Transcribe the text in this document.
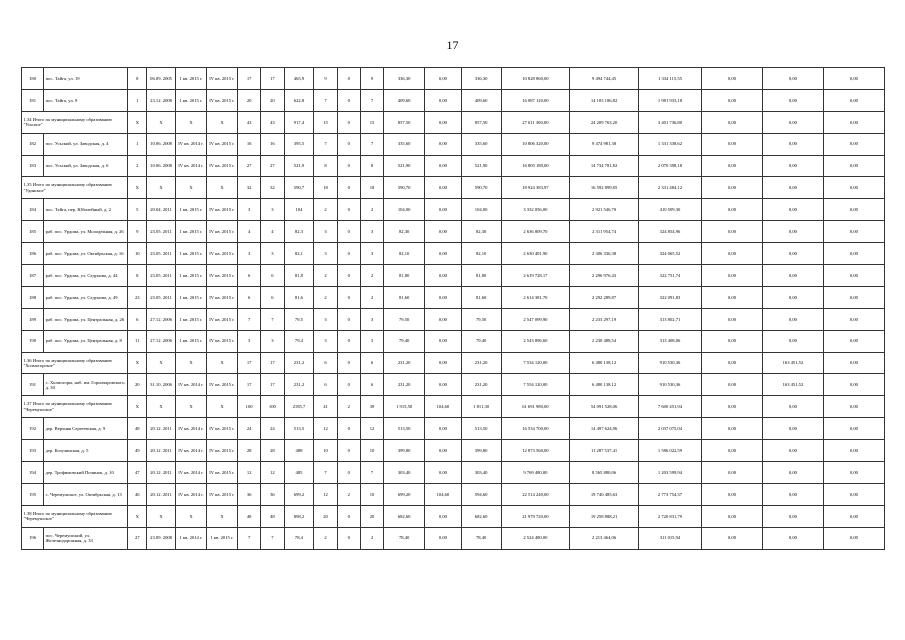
17
180	пос. Тайга, ул. 19	8	06.09. 2005	1 кв. 2015 г.	IV кв. 2015 г.	17	17	465,9	9	0	9	336,30	0,00	336,30	10 828 860,00	9 494 744,45	1 334 115,55	0,00	0,00	0,00
181	пос. Тайга, ул. 9	1	23.12. 2008	1 кв. 2015 г.	IV кв. 2015 г.	20	20	622,8	7	0	7	409,60	0,00	409,60	16 087 120,00	14 105 186,82	1 981 933,18	0,00	0,00	0,00
1.34 Итого по муниципальному образованию "Усьское"		X	X	X	X	43	43	917,4	15	0	15	857,50	0,00	857,50	27 611 300,00	24 209 763,20	3 401 736,80	0,00	0,00	0,00
182	пос. Усьский, ул. Заводская, д. 4	1	10.06. 2008	IV кв. 2014 г.	IV кв. 2015 г.	16	16	395,5	7	0	7	335,60	0,00	335,60	10 806 320,00	9 474 981,38	1 331 338,62	0,00	0,00	0,00
183	пос. Усьский, ул. Заводская, д. 6	2	10.06. 2008	IV кв. 2014 г.	IV кв. 2015 г.	27	27	521,9	8	0	8	521,90	0,00	521,90	16 805 180,00	14 734 781,82	2 070 398,18	0,00	0,00	0,00
1.35 Итого по муниципальному образованию "Удинское"		X	X	X	X	32	32	590,7	18	0	18	590,70	0,00	590,70	18 924 383,97	16 592 899,85	2 331 484,12	0,00	0,00	0,00
184	пос. Тайга, пер. Юбилейный, д. 2	5	20.04. 2011	1 кв. 2015 г.	IV кв. 2015 г.	3	3	104	2	0	2	104,00	0,00	104,00	3 332 056,00	2 921 546,70	410 509,30	0,00	0,00	0,00
185	раб. пос. Урдома, ул. Молодёжная, д. 26	9	23.05. 2011	1 кв. 2015 г.	IV кв. 2015 г.	4	4	82,3	3	0	3	82,30	0,00	82,30	2 636 809,70	2 311 954,74	324 854,96	0,00	0,00	0,00
186	раб. пос. Урдома, ул. Октябрьская, д. 16	10	23.05. 2011	1 кв. 2015 г.	IV кв. 2015 г.	3	3	82,1	3	0	3	82,10	0,00	82,10	2 630 401,90	2 306 336,38	324 065,52	0,00	0,00	0,00
187	раб. пос. Урдома, ул. Седунова, д. 44	8	23.05. 2011	1 кв. 2015 г.	IV кв. 2015 г.	6	6	81,8	2	0	2	81,80	0,00	81,80	2 619 728,17	2 296 976,43	322 751,74	0,00	0,00	0,00
188	раб. пос. Урдома, ул. Седунова, д. 49	23	23.05. 2011	1 кв. 2015 г.	IV кв. 2015 г.	6	6	81,6	2	0	2	81,60	0,00	81,60	2 614 381,70	2 292 289,87	322 091,83	0,00	0,00	0,00
189	раб. пос. Урдома, ул. Центральная, д. 26	6	27.12. 2006	1 кв. 2015 г.	IV кв. 2015 г.	7	7	79,5	3	0	3	79,50	0,00	79,50	2 547 099,90	2 233 297,19	313 802,71	0,00	0,00	0,00
190	раб. пос. Урдома, ул. Центральная, д. 8	11	27.12. 2006	1 кв. 2015 г.	IV кв. 2015 г.	3	3	79,4	3	0	3	79,40	0,00	79,40	2 543 896,60	2 230 488,54	313 408,06	0,00	0,00	0,00
1.36 Итого по муниципальному образованию "Холмогорское"		X	X	X	X	17	17	231,2	6	0	6	231,20	0,00	231,20	7 534 120,00	6 480 138,12	910 530,36	0,00	163 451,52	0,00
191	с. Холмогоры, наб. им. Горончаровского, д. 30	20	31.10. 2006	IV кв. 2014 г.	IV кв. 2015 г.	17	17	231,2	6	0	6	231,20	0,00	231,20	7 554 120,00	6 480 138,12	910 530,36	0,00	163 451,52	0,00
1.37 Итого по муниципальному образованию "Черемушское"		X	X	X	X	100	100	2185,7	41	2	39	1 915,50	104,60	1 811,30	61 691 980,00	54 091 528,06	7 600 451,94	0,00	0,00	0,00
192	дер. Верхняя Сергеевская, д. 9	48	20.12. 2011	IV кв. 2014 г.	IV кв. 2015 г.	24	24	513,5	12	0	12	513,50	0,00	513,50	16 534 700,00	14 497 624,96	2 037 075,04	0,00	0,00	0,00
193	дер. Козулинская, д. 5	49	20.12. 2011	IV кв. 2014 г.	IV кв. 2015 г.	28	28	488	10	0	10	399,80	0,00	399,80	12 873 560,00	11 287 537,41	1 586 022,59	0,00	0,00	0,00
194	дер. Трофимовский Починок, д. 10	47	20.12. 2011	IV кв. 2014 г.	IV кв. 2015 г.	12	12	485	7	0	7	303,40	0,00	303,40	9 769 480,00	8 565 880,06	1 203 599,94	0,00	0,00	0,00
195	с. Черемушское, ул. Октябрьская, д. 13	46	20.12. 2011	IV кв. 2014 г.	IV кв. 2015 г.	36	36	699,2	12	2	10	699,20	104,60	594,60	22 514 240,00	19 740 485,63	2 773 754,37	0,00	0,00	0,00
1.38 Итого по муниципальному образованию "Черемушское"		X	X	X	X	48	48	898,2	20	0	20	682,60	0,00	682,60	21 979 720,00	19 258 888,21	2 720 831,79	0,00	0,00	0,00
196	пос. Черемушский, ул. Железнодорожная, д. 33	27	23.09. 2008	1 кв. 2014 г.	1 кв. 2015 г.	7	7	78,4	2	0	2	78,40	0,00	78,40	2 524 480,00	2 213 464,06	311 015,94	0,00	0,00	0,00
